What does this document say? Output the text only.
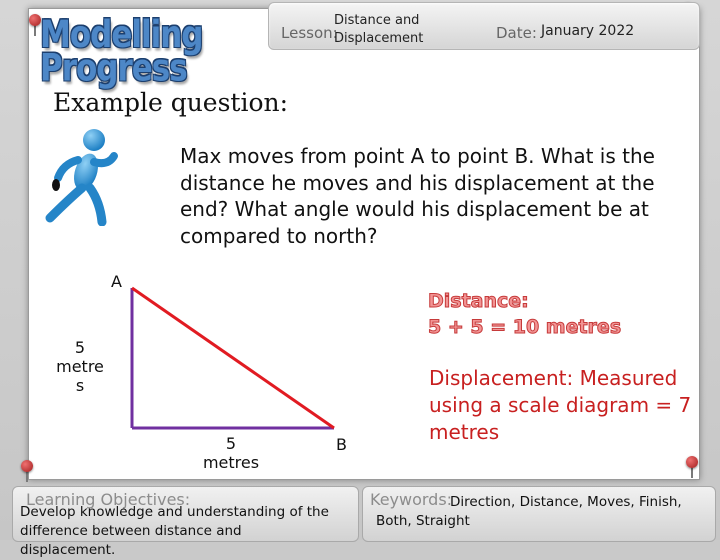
Modelling Progress
Lesson:
Distance and Displacement	Date: January 2022
Example question:
A
B
5 metre s
5 metres
Max moves from point A to point B. What is the distance he moves and his displacement at the end? What angle would his displacement be at compared to north?
Distance:
5 + 5 = 10 metres
Displacement: Measured using a scale diagram = 7 metres
Learning Objectives:
Develop knowledge and understanding of the difference between distance and displacement.
Keywords:
Direction, Distance, Moves, Finish, Both, Straight
